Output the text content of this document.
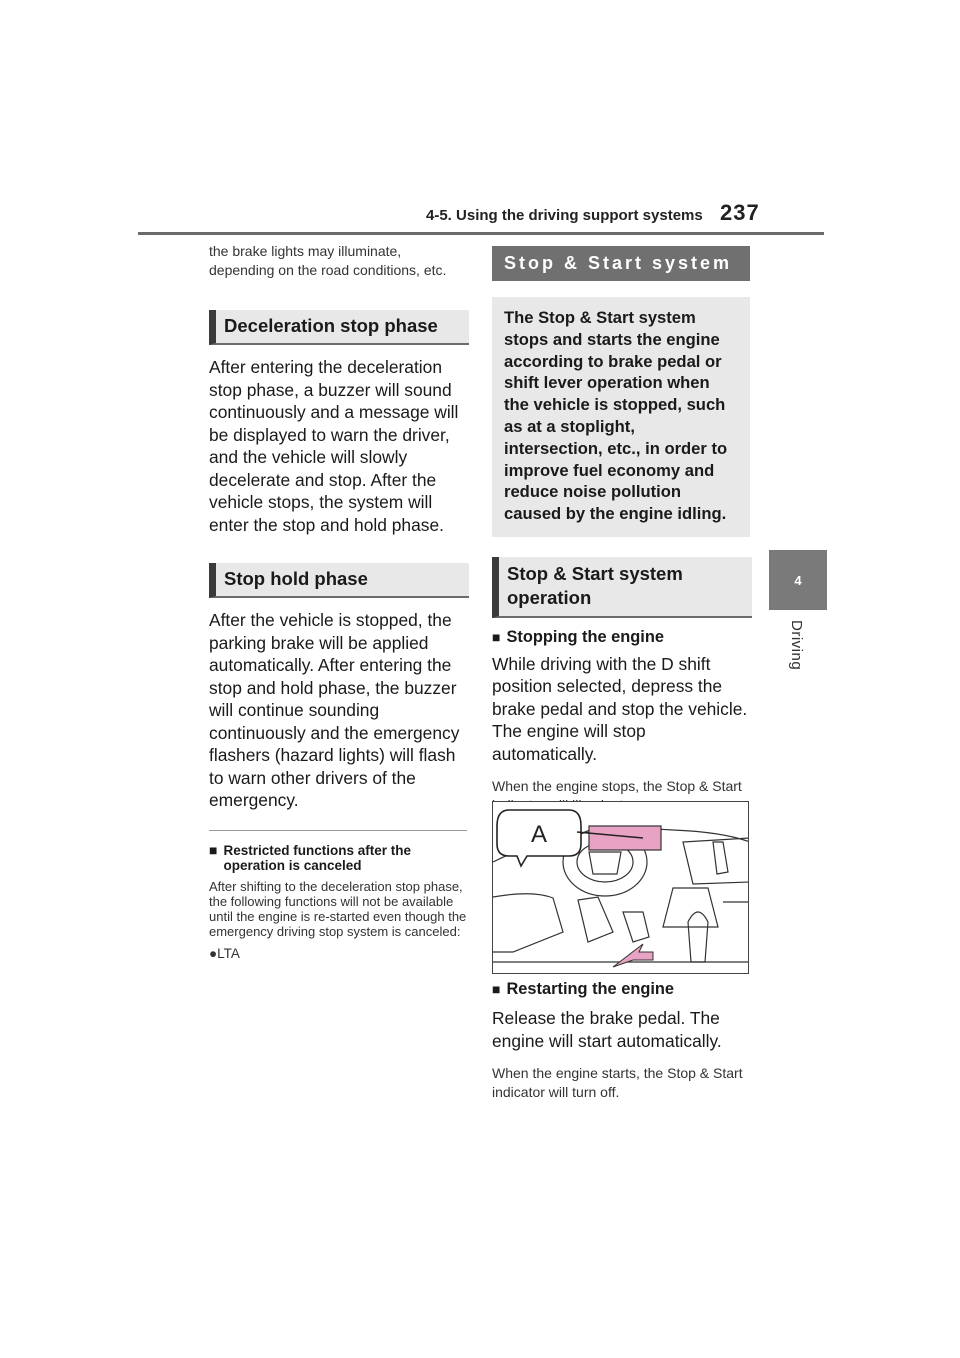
4-5. Using the driving support systems 237
4
Driving
the brake lights may illuminate, depending on the road conditions, etc.
Deceleration stop phase
After entering the deceleration stop phase, a buzzer will sound continuously and a message will be displayed to warn the driver, and the vehicle will slowly decelerate and stop. After the vehicle stops, the system will enter the stop and hold phase.
Stop hold phase
After the vehicle is stopped, the parking brake will be applied automatically. After entering the stop and hold phase, the buzzer will continue sounding continuously and the emergency flashers (hazard lights) will flash to warn other drivers of the emergency.
■ Restricted functions after the operation is canceled
After shifting to the deceleration stop phase, the following functions will not be available until the engine is re-started even though the emergency driving stop system is canceled:
●LTA
Stop & Start system
The Stop & Start system stops and starts the engine according to brake pedal or shift lever operation when the vehicle is stopped, such as at a stoplight, intersection, etc., in order to improve fuel economy and reduce noise pollution caused by the engine idling.
Stop & Start system operation
■ Stopping the engine
While driving with the D shift position selected, depress the brake pedal and stop the vehicle. The engine will stop automatically.
When the engine stops, the Stop & Start
A
■ Restarting the engine
Release the brake pedal. The engine will start automatically.
When the engine starts, the Stop & Start indicator will turn off.
